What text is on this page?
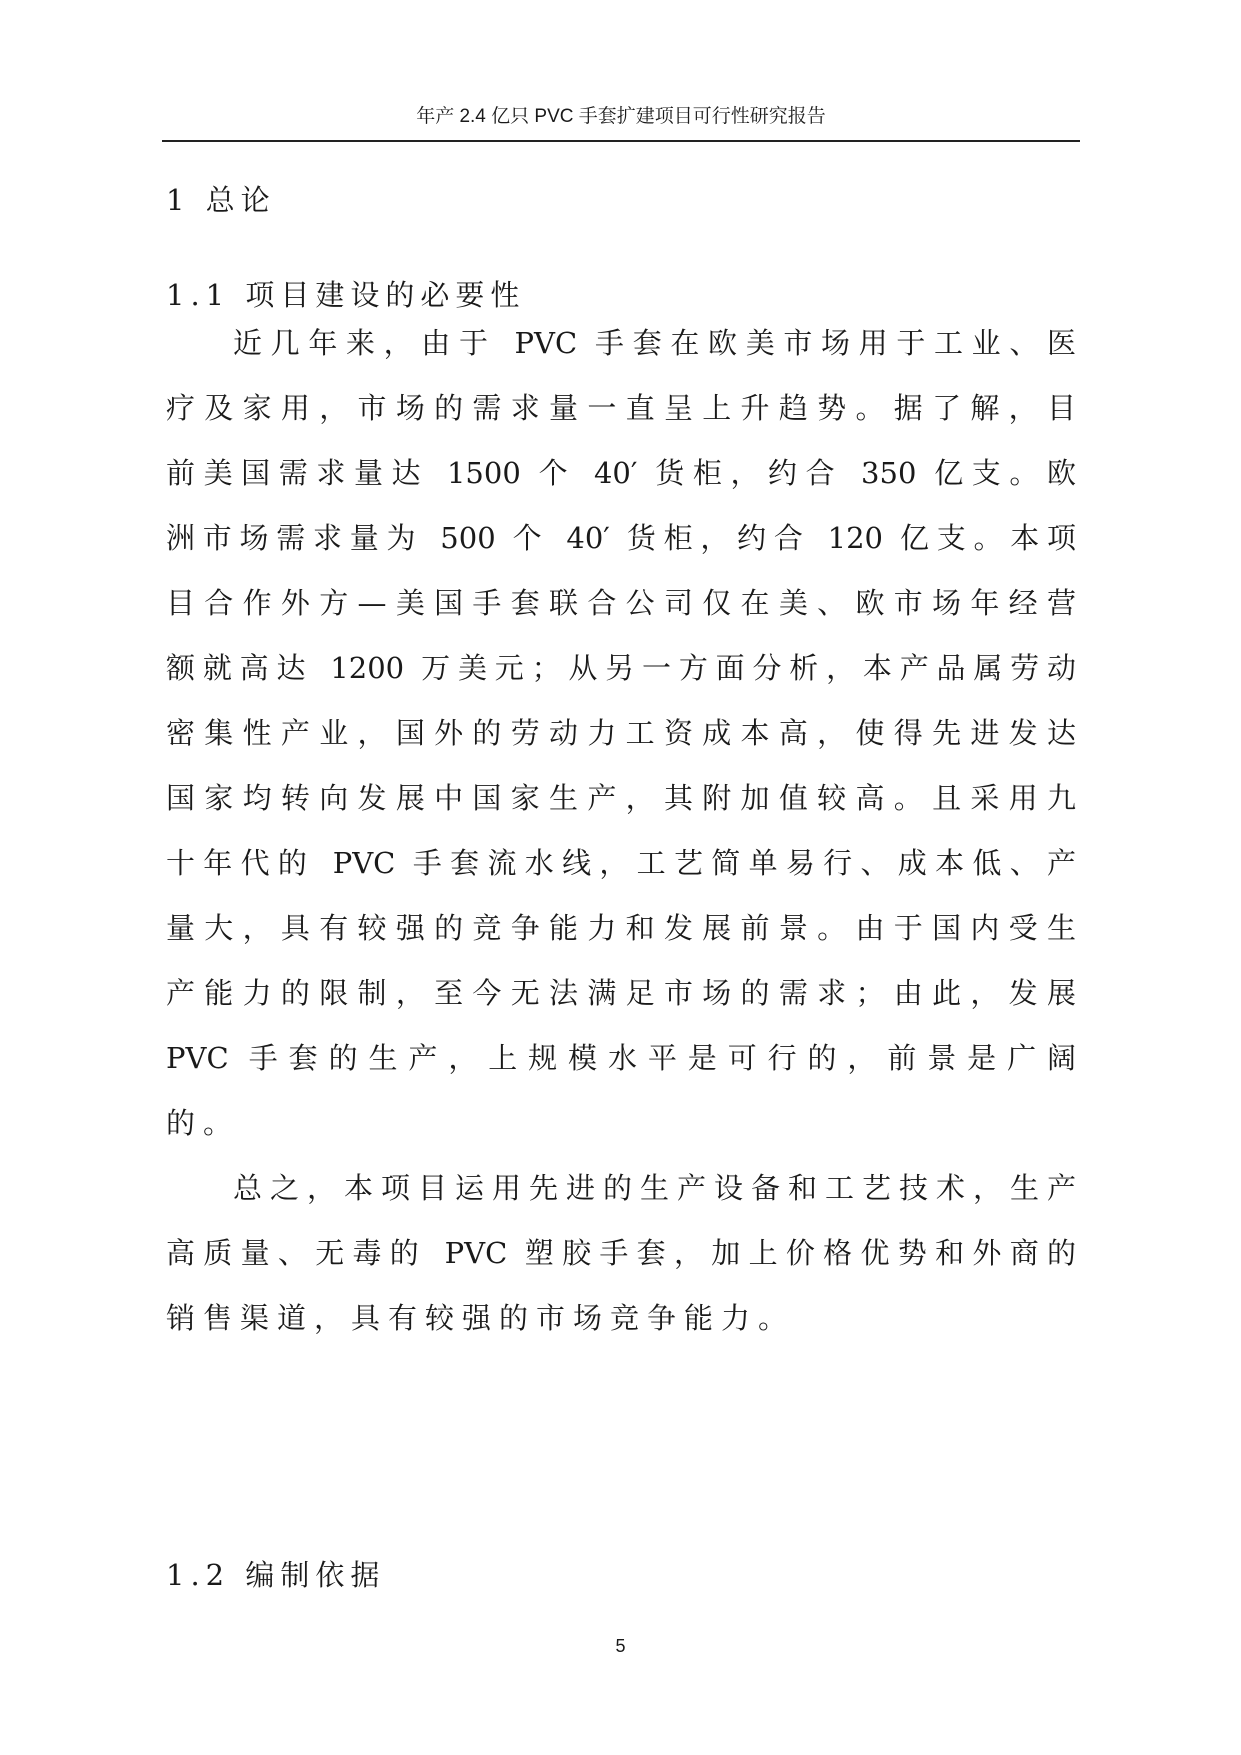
年产 2.4 亿只 PVC 手套扩建项目可行性研究报告
1 总论
1.1 项目建设的必要性
近几年来，由于 PVC 手套在欧美市场用于工业、医
疗及家用，市场的需求量一直呈上升趋势。据了解，目
前美国需求量达 1500 个 40′ 货柜，约合 350 亿支。欧
洲市场需求量为 500 个 40′ 货柜，约合 120 亿支。本项
目合作外方—美国手套联合公司仅在美、欧市场年经营
额就高达 1200 万美元；从另一方面分析，本产品属劳动
密集性产业，国外的劳动力工资成本高，使得先进发达
国家均转向发展中国家生产，其附加值较高。且采用九
十年代的 PVC 手套流水线，工艺简单易行、成本低、产
量大，具有较强的竞争能力和发展前景。由于国内受生
产能力的限制，至今无法满足市场的需求；由此，发展
PVC 手套的生产，上规模水平是可行的，前景是广阔
的。
总之，本项目运用先进的生产设备和工艺技术，生产
高质量、无毒的 PVC 塑胶手套，加上价格优势和外商的
销售渠道，具有较强的市场竞争能力。
1.2 编制依据
5
